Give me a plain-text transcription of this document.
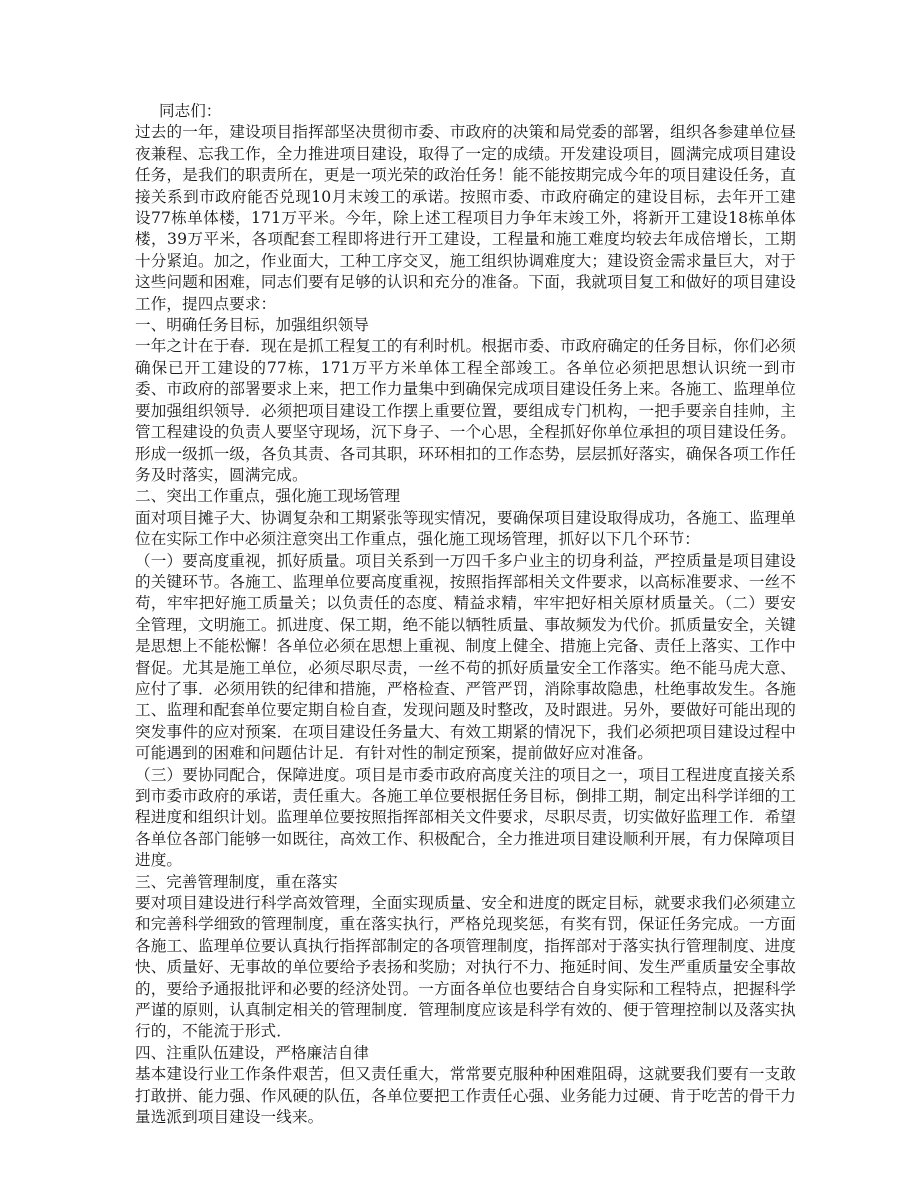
同志们：

过去的一年，建设项目指挥部坚决贯彻市委、市政府的决策和局党委的部署，组织各参建单位昼夜兼程、忘我工作，全力推进项目建设，取得了一定的成绩。开发建设项目，圆满完成项目建设任务，是我们的职责所在，更是一项光荣的政治任务！能不能按期完成今年的项目建设任务，直接关系到市政府能否兑现10月末竣工的承诺。按照市委、市政府确定的建设目标，去年开工建设77栋单体楼，171万平米。今年，除上述工程项目力争年末竣工外，将新开工建设18栋单体楼，39万平米，各项配套工程即将进行开工建设，工程量和施工难度均较去年成倍增长，工期十分紧迫。加之，作业面大，工种工序交叉，施工组织协调难度大；建设资金需求量巨大，对于这些问题和困难，同志们要有足够的认识和充分的准备。下面，我就项目复工和做好的项目建设工作，提四点要求：

一、明确任务目标，加强组织领导

一年之计在于春．现在是抓工程复工的有利时机。根据市委、市政府确定的任务目标，你们必须确保已开工建设的77栋，171万平方米单体工程全部竣工。各单位必须把思想认识统一到市委、市政府的部署要求上来，把工作力量集中到确保完成项目建设任务上来。各施工、监理单位要加强组织领导．必须把项目建设工作摆上重要位置，要组成专门机构，一把手要亲自挂帅，主管工程建设的负责人要坚守现场，沉下身子、一个心思，全程抓好你单位承担的项目建设任务。形成一级抓一级，各负其责、各司其职，环环相扣的工作态势，层层抓好落实，确保各项工作任务及时落实，圆满完成。

二、突出工作重点，强化施工现场管理

面对项目摊子大、协调复杂和工期紧张等现实情况，要确保项目建设取得成功，各施工、监理单位在实际工作中必须注意突出工作重点，强化施工现场管理，抓好以下几个环节：

（一）要高度重视，抓好质量。项目关系到一万四千多户业主的切身利益，严控质量是项目建设的关键环节。各施工、监理单位要高度重视，按照指挥部相关文件要求，以高标准要求、一丝不苟，牢牢把好施工质量关；以负责任的态度、精益求精，牢牢把好相关原材质量关。（二）要安全管理，文明施工。抓进度、保工期，绝不能以牺牲质量、事故频发为代价。抓质量安全，关键是思想上不能松懈！各单位必须在思想上重视、制度上健全、措施上完备、责任上落实、工作中督促。尤其是施工单位，必须尽职尽责，一丝不苟的抓好质量安全工作落实。绝不能马虎大意、应付了事．必须用铁的纪律和措施，严格检查、严管严罚，消除事故隐患，杜绝事故发生。各施工、监理和配套单位要定期自检自查，发现问题及时整改，及时跟进。另外，要做好可能出现的突发事件的应对预案．在项目建设任务量大、有效工期紧的情况下，我们必须把项目建设过程中可能遇到的困难和问题估计足．有针对性的制定预案，提前做好应对准备。

（三）要协同配合，保障进度。项目是市委市政府高度关注的项目之一，项目工程进度直接关系到市委市政府的承诺，责任重大。各施工单位要根据任务目标，倒排工期，制定出科学详细的工程进度和组织计划。监理单位要按照指挥部相关文件要求，尽职尽责，切实做好监理工作．希望各单位各部门能够一如既往，高效工作、积极配合，全力推进项目建设顺利开展，有力保障项目进度。

三、完善管理制度，重在落实

要对项目建设进行科学高效管理，全面实现质量、安全和进度的既定目标，就要求我们必须建立和完善科学细致的管理制度，重在落实执行，严格兑现奖惩，有奖有罚，保证任务完成。一方面各施工、监理单位要认真执行指挥部制定的各项管理制度，指挥部对于落实执行管理制度、进度快、质量好、无事故的单位要给予表扬和奖励；对执行不力、拖延时间、发生严重质量安全事故的，要给予通报批评和必要的经济处罚。一方面各单位也要结合自身实际和工程特点，把握科学严谨的原则，认真制定相关的管理制度．管理制度应该是科学有效的、便于管理控制以及落实执行的，不能流于形式．

四、注重队伍建设，严格廉洁自律

基本建设行业工作条件艰苦，但又责任重大，常常要克服种种困难阻碍，这就要我们要有一支敢打敢拼、能力强、作风硬的队伍，各单位要把工作责任心强、业务能力过硬、肯于吃苦的骨干力量选派到项目建设一线来。
